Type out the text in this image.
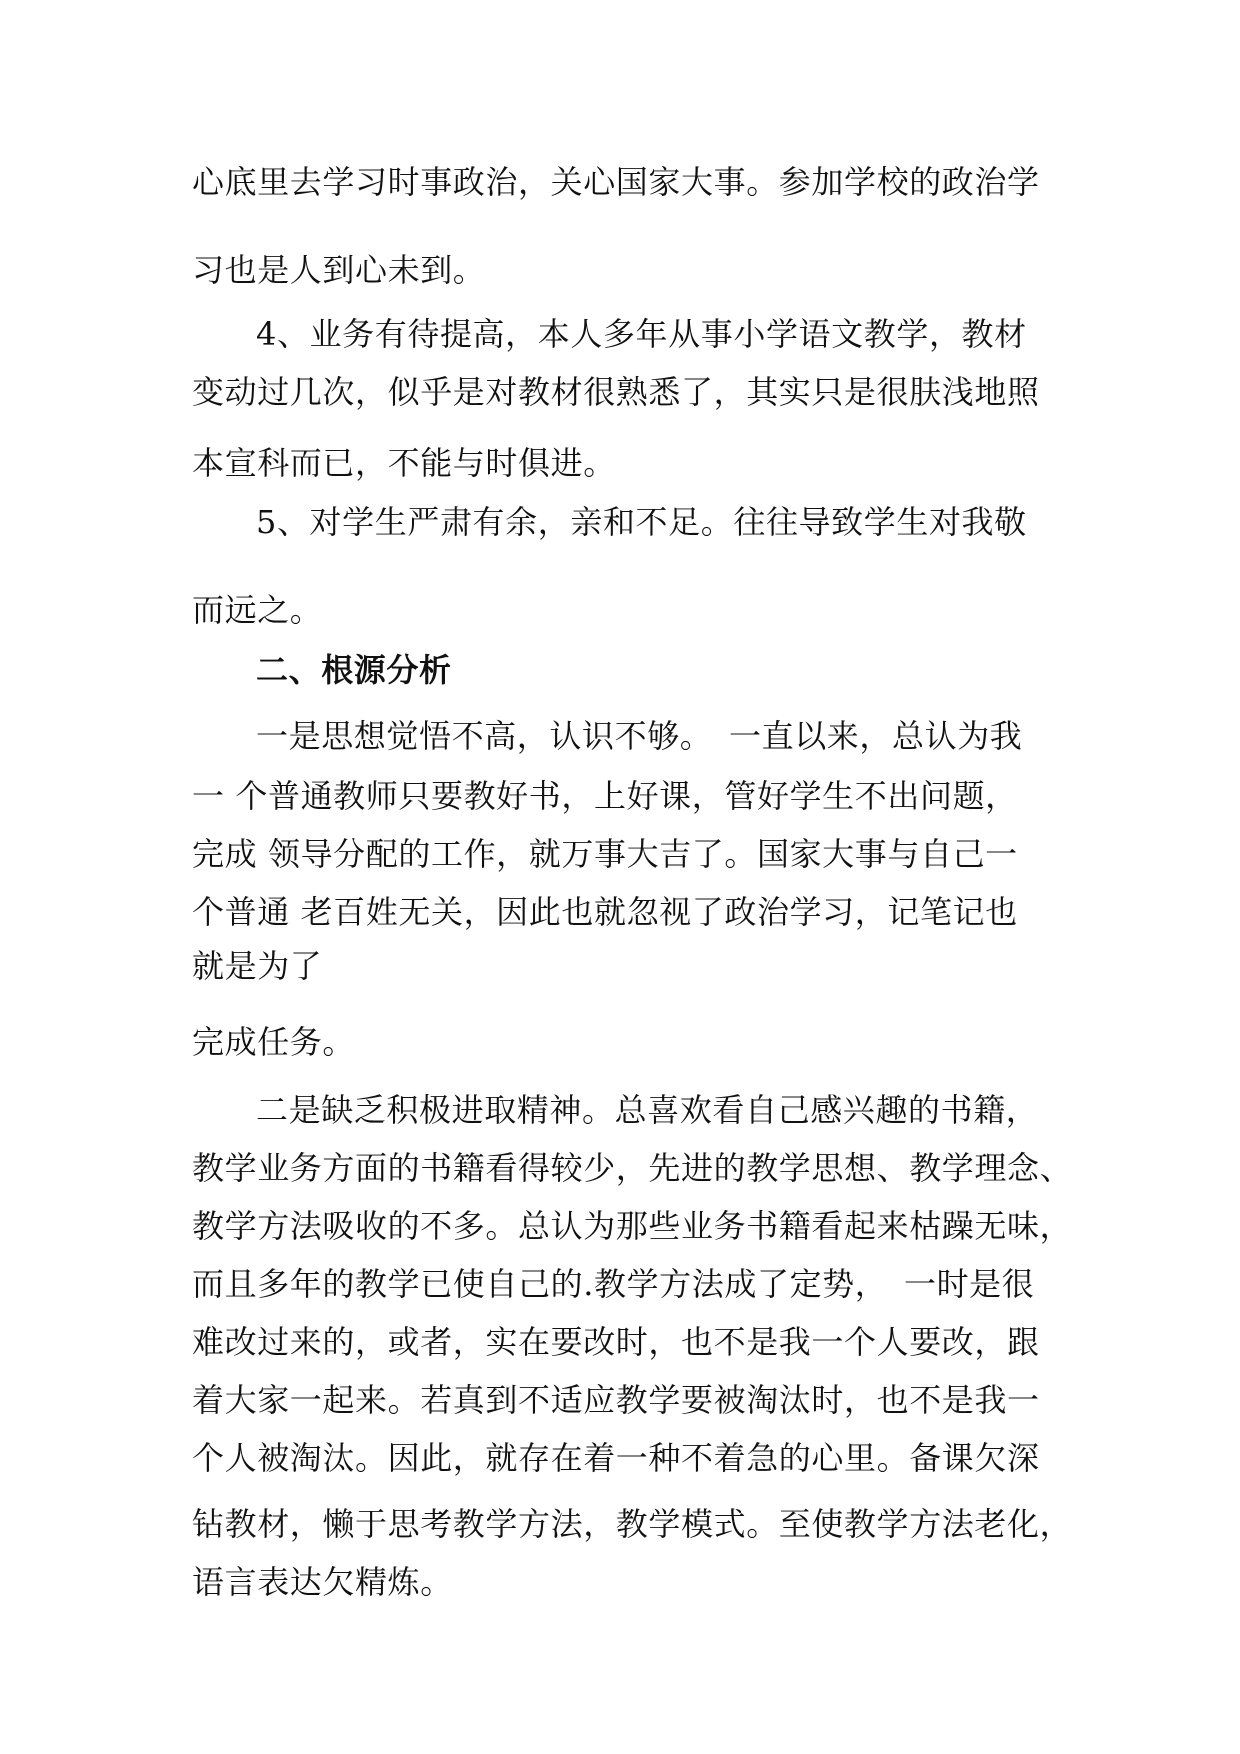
心底里去学习时事政治，关心国家大事。参加学校的政治学
习也是人到心未到。
4、业务有待提高，本人多年从事小学语文教学，教材
变动过几次，似乎是对教材很熟悉了，其实只是很肤浅地照
本宣科而已，不能与时俱进。
5、对学生严肃有余，亲和不足。往往导致学生对我敬
而远之。
二、根源分析
一是思想觉悟不高，认识不够。　一直以来，总认为我
一 个普通教师只要教好书，上好课，管好学生不出问题，
完成 领导分配的工作，就万事大吉了。国家大事与自己一
个普通 老百姓无关，因此也就忽视了政治学习，记笔记也
就是为了
完成任务。
二是缺乏积极进取精神。总喜欢看自己感兴趣的书籍，
教学业务方面的书籍看得较少，先进的教学思想、教学理念、
教学方法吸收的不多。总认为那些业务书籍看起来枯躁无味，
而且多年的教学已使自己的.教学方法成了定势，　一时是很
难改过来的，或者，实在要改时，也不是我一个人要改，跟
着大家一起来。若真到不适应教学要被淘汰时，也不是我一
个人被淘汰。因此，就存在着一种不着急的心里。备课欠深
钻教材，懒于思考教学方法，教学模式。至使教学方法老化，
语言表达欠精炼。
